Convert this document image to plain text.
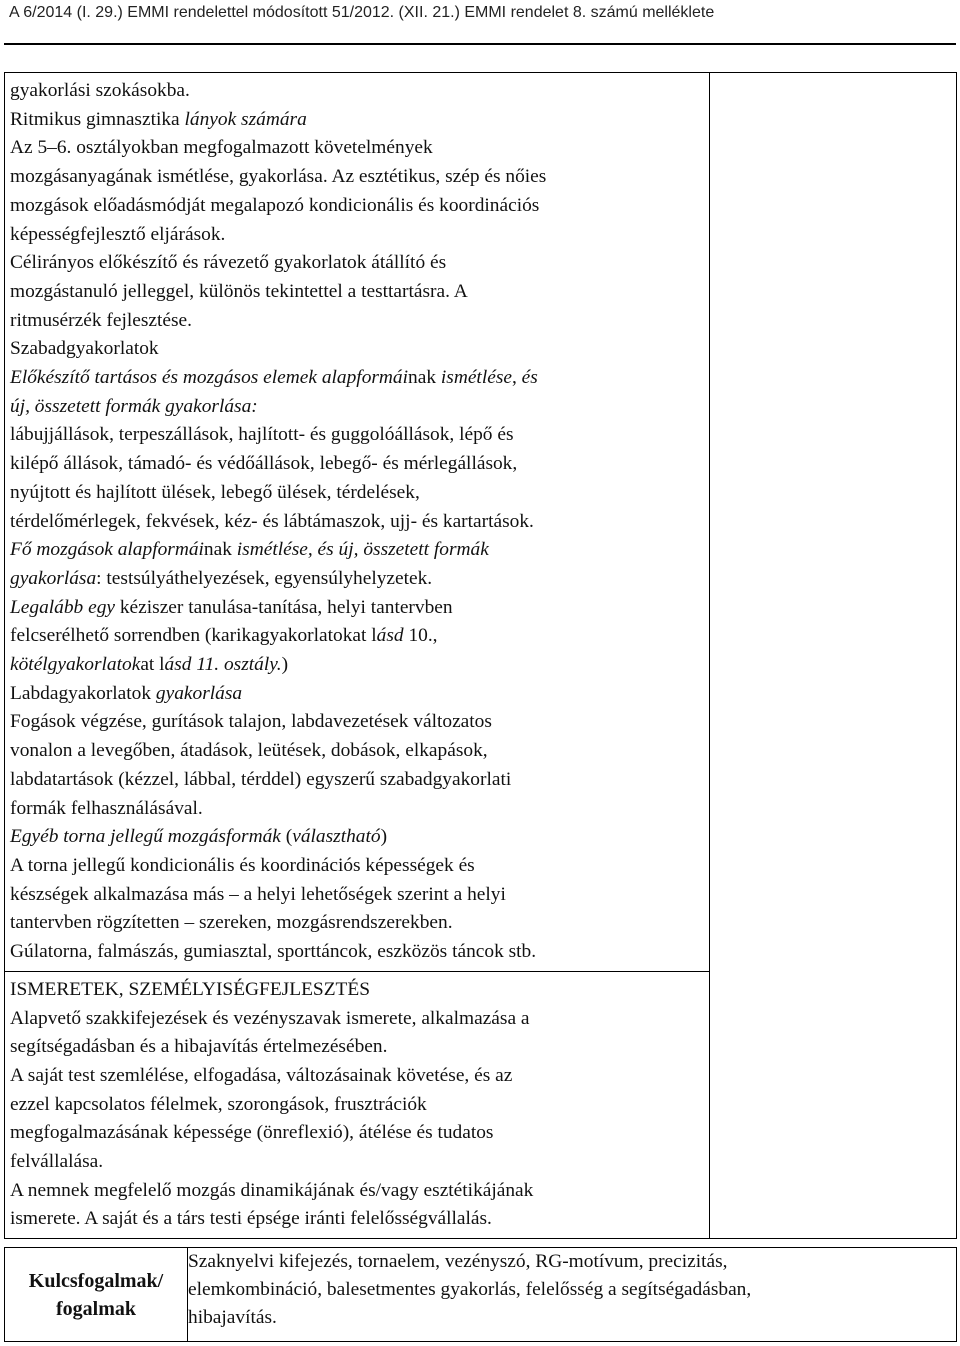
A 6/2014 (I. 29.) EMMI rendelettel módosított 51/2012. (XII. 21.) EMMI rendelet 8. számú melléklete
gyakorlási szokásokba.
Ritmikus gimnasztika lányok számára
Az 5–6. osztályokban megfogalmazott követelmények
mozgásanyagának ismétlése, gyakorlása. Az esztétikus, szép és nőies
mozgások előadásmódját megalapozó kondicionális és koordinációs
képességfejlesztő eljárások.
Célirányos előkészítő és rávezető gyakorlatok átállító és
mozgástanuló jelleggel, különös tekintettel a testtartásra. A
ritmusérzék fejlesztése.
Szabadgyakorlatok
Előkészítő tartásos és mozgásos elemek alapformáinak ismétlése, és
új, összetett formák gyakorlása:
lábujjállások, terpeszállások, hajlított- és guggolóállások, lépő és
kilépő állások, támadó- és védőállások, lebegő- és mérlegállások,
nyújtott és hajlított ülések, lebegő ülések, térdelések,
térdelőmérlegek, fekvések, kéz- és lábtámaszok, ujj- és kartartások.
Fő mozgások alapformáinak ismétlése, és új, összetett formák
gyakorlása: testsúlyáthelyezések, egyensúlyhelyzetek.
Legalább egy kéziszer tanulása-tanítása, helyi tantervben
felcserélhető sorrendben (karikagyakorlatokat lásd 10.,
kötélgyakorlatokat lásd 11. osztály.)
Labdagyakorlatok gyakorlása
Fogások végzése, gurítások talajon, labdavezetések változatos
vonalon a levegőben, átadások, leütések, dobások, elkapások,
labdatartások (kézzel, lábbal, térddel) egyszerű szabadgyakorlati
formák felhasználásával.
Egyéb torna jellegű mozgásformák (választható)
A torna jellegű kondicionális és koordinációs képességek és
készségek alkalmazása más – a helyi lehetőségek szerint a helyi
tantervben rögzítetten – szereken, mozgásrendszerekben.
Gúlatorna, falmászás, gumiasztal, sporttáncok, eszközös táncok stb.
ISMERETEK, SZEMÉLYISÉGFEJLESZTÉS
Alapvető szakkifejezések és vezényszavak ismerete, alkalmazása a
segítségadásban és a hibajavítás értelmezésében.
A saját test szemlélése, elfogadása, változásainak követése, és az
ezzel kapcsolatos félelmek, szorongások, frusztrációk
megfogalmazásának képessége (önreflexió), átélése és tudatos
felvállalása.
A nemnek megfelelő mozgás dinamikájának és/vagy esztétikájának
ismerete. A saját és a társ testi épsége iránti felelősségvállalás.

Kulcsfogalmak/
fogalmak

Szaknyelvi kifejezés, tornaelem, vezényszó, RG-motívum, precizitás,
elemkombináció, balesetmentes gyakorlás, felelősség a segítségadásban,
hibajavítás.
